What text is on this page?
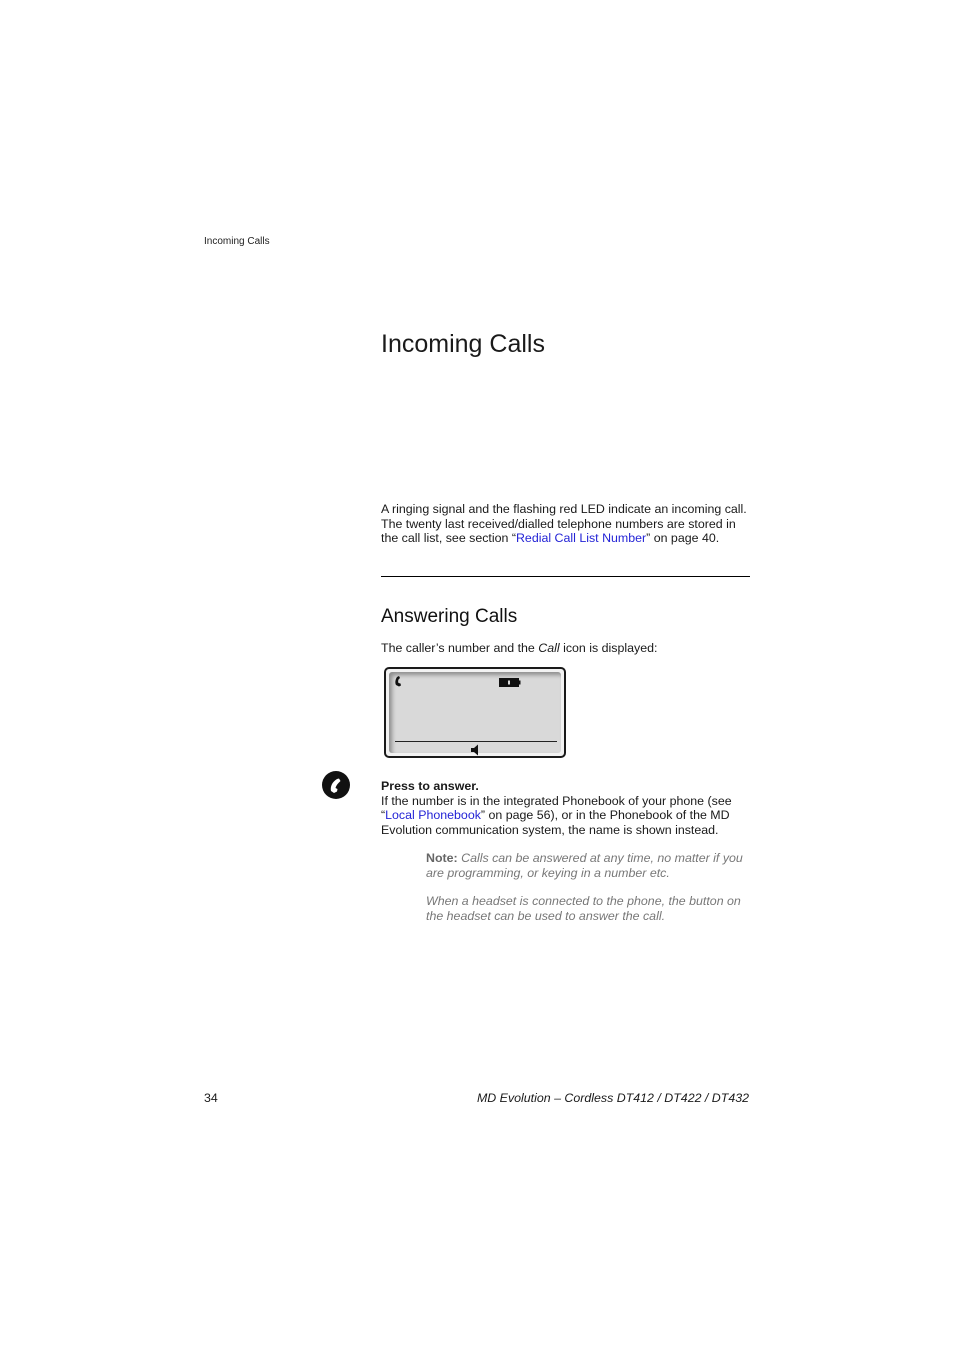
Incoming Calls
Incoming Calls
A ringing signal and the flashing red LED indicate an incoming call.
The twenty last received/dialled telephone numbers are stored in
the call list, see section “Redial Call List Number” on page 40.
Answering Calls
The caller’s number and the Call icon is displayed:
Press to answer.
If the number is in the integrated Phonebook of your phone (see
“Local Phonebook” on page 56), or in the Phonebook of the MD
Evolution communication system, the name is shown instead.
Note: Calls can be answered at any time, no matter if you are programming, or keying in a number etc.
When a headset is connected to the phone, the button on the headset can be used to answer the call.
34	MD Evolution – Cordless DT412 / DT422 / DT432
